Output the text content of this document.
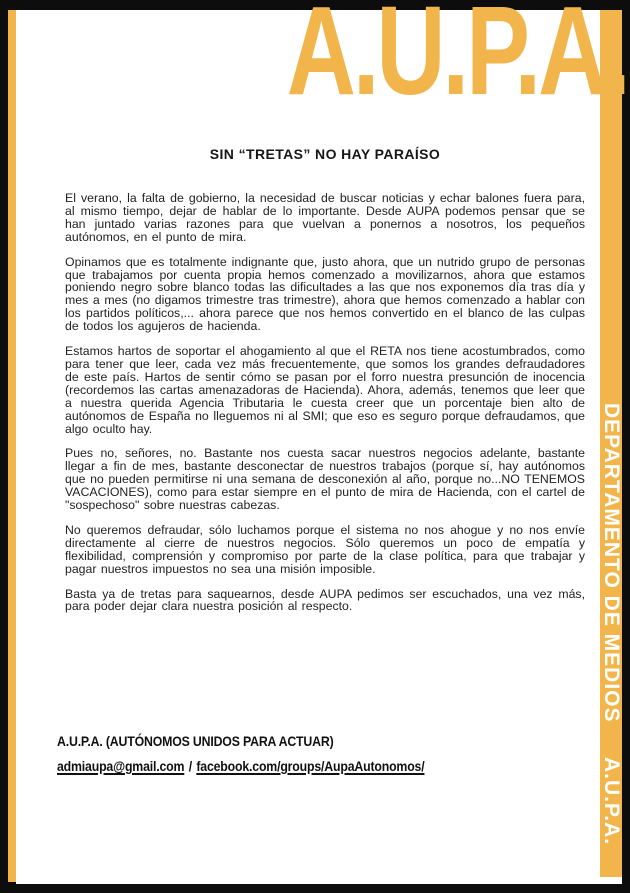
SIN “TRETAS” NO HAY PARAÍSO

El verano, la falta de gobierno, la necesidad de buscar noticias y echar balones fuera para, al mismo tiempo, dejar de hablar de lo importante. Desde AUPA podemos pensar que se han juntado varias razones para que vuelvan a ponernos a nosotros, los pequeños autónomos, en el punto de mira.

Opinamos que es totalmente indignante que, justo ahora, que un nutrido grupo de personas que trabajamos por cuenta propia hemos comenzado a movilizarnos, ahora que estamos poniendo negro sobre blanco todas las dificultades a las que nos exponemos día tras día y mes a mes (no digamos trimestre tras trimestre), ahora que hemos comenzado a hablar con los partidos políticos,... ahora parece que nos hemos convertido en el blanco de las culpas de todos los agujeros de hacienda.

Estamos hartos de soportar el ahogamiento al que el RETA nos tiene acostumbrados, como para tener que leer, cada vez más frecuentemente, que somos los grandes defraudadores de este país. Hartos de sentir cómo se pasan por el forro nuestra presunción de inocencia (recordemos las cartas amenazadoras de Hacienda). Ahora, además, tenemos que leer que a nuestra querida Agencia Tributaria le cuesta creer que un porcentaje bien alto de autónomos de España no lleguemos ni al SMI; que eso es seguro porque defraudamos, que algo oculto hay.

Pues no, señores, no. Bastante nos cuesta sacar nuestros negocios adelante, bastante llegar a fin de mes, bastante desconectar de nuestros trabajos (porque sí, hay autónomos que no pueden permitirse ni una semana de desconexión al año, porque no...NO TENEMOS VACACIONES), como para estar siempre en el punto de mira de Hacienda, con el cartel de "sospechoso" sobre nuestras cabezas.

No queremos defraudar, sólo luchamos porque el sistema no nos ahogue y no nos envíe directamente al cierre de nuestros negocios. Sólo queremos un poco de empatía y flexibilidad, comprensión y compromiso por parte de la clase política, para que trabajar y pagar nuestros impuestos no sea una misión imposible.

Basta ya de tretas para saquearnos, desde AUPA pedimos ser escuchados, una vez más, para poder dejar clara nuestra posición al respecto.

A.U.P.A. (AUTÓNOMOS UNIDOS PARA ACTUAR)
admiaupa@gmail.com / facebook.com/groups/AupaAutonomos/
DEPARTAMENTO DE MEDIOS A.U.P.A.
A.U.P.A.
